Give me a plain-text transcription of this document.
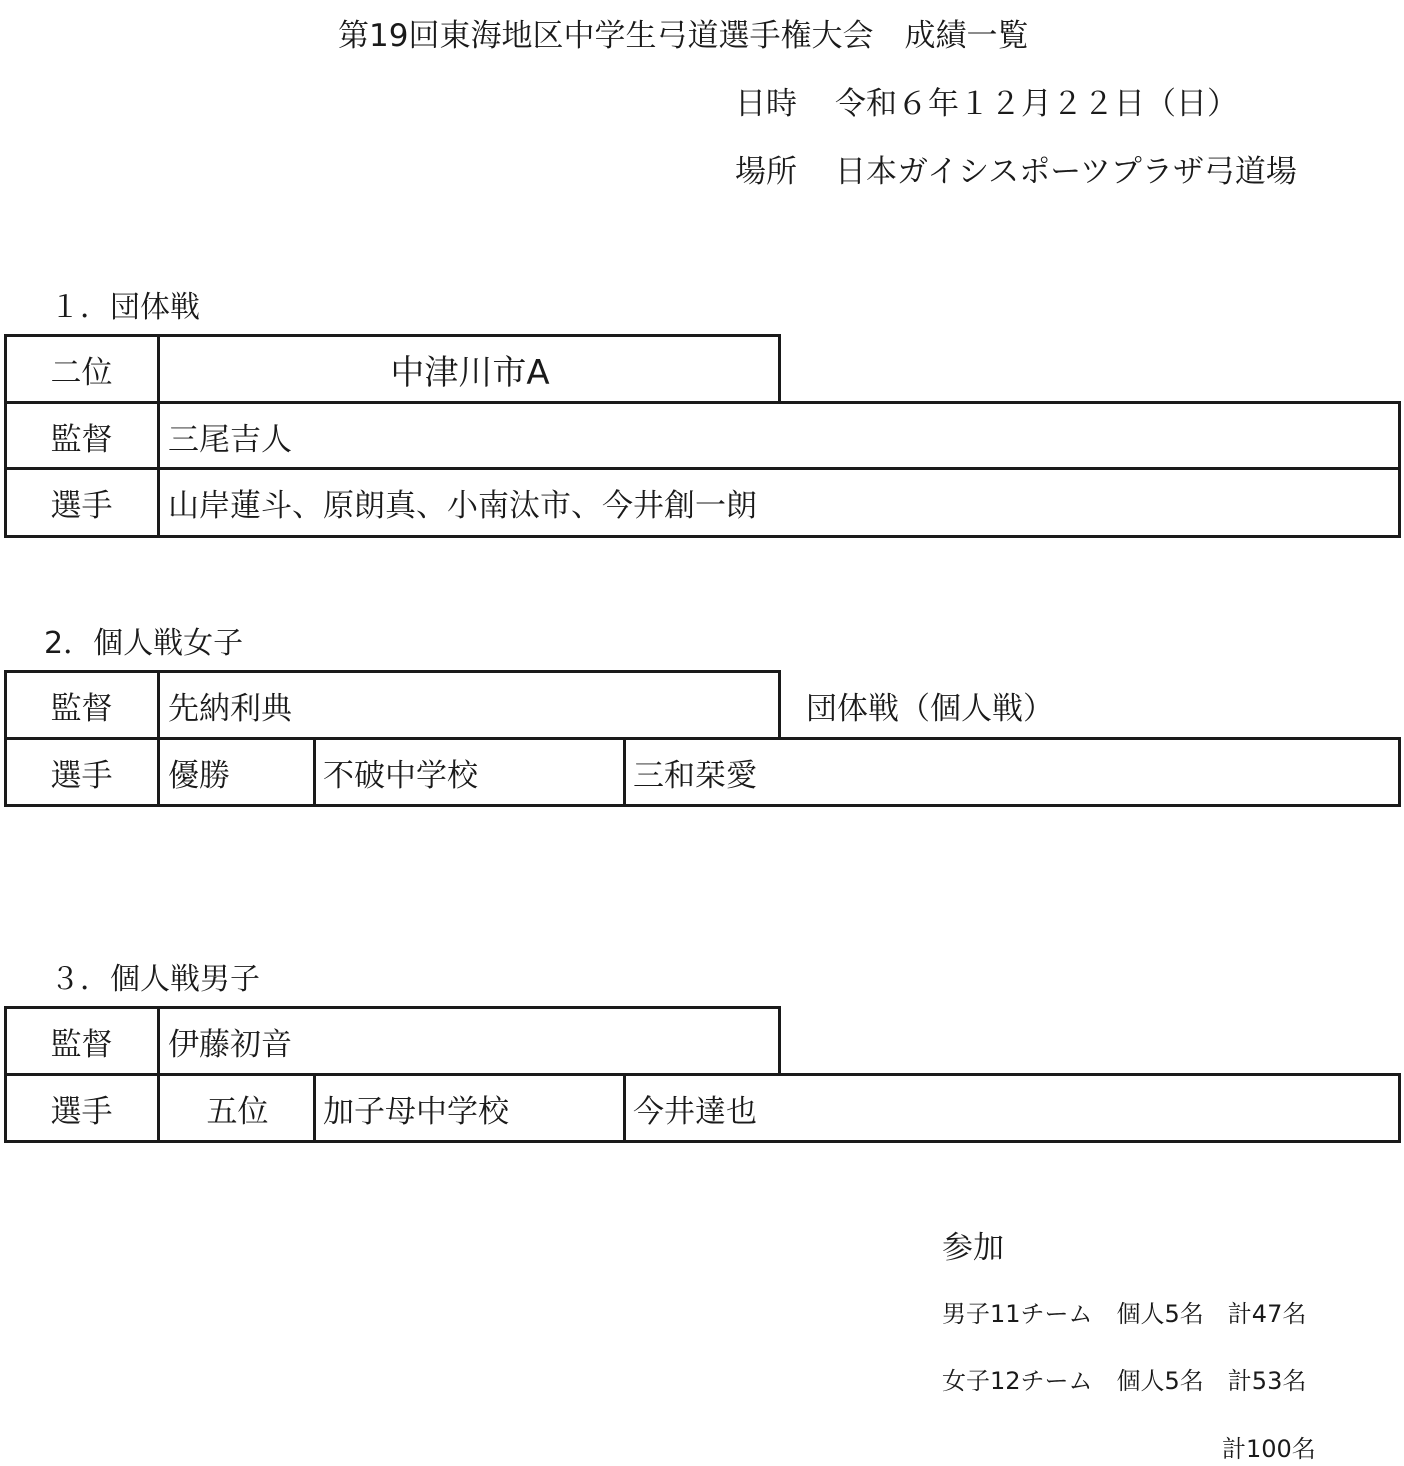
第19回東海地区中学生弓道選手権大会　成績一覧
日時 令和６年１２月２２日（日）
場所 日本ガイシスポーツプラザ弓道場
１．団体戦
二位	中津川市A
監督	三尾吉人
選手	山岸蓮斗、原朗真、小南汰市、今井創一朗
2．個人戦女子
監督	先納利典	団体戦（個人戦）
選手	優勝	不破中学校	三和栞愛
３．個人戦男子
監督	伊藤初音
選手	五位	加子母中学校	今井達也
参加
男子11チーム　個人5名　計47名
女子12チーム　個人5名　計53名
計100名
